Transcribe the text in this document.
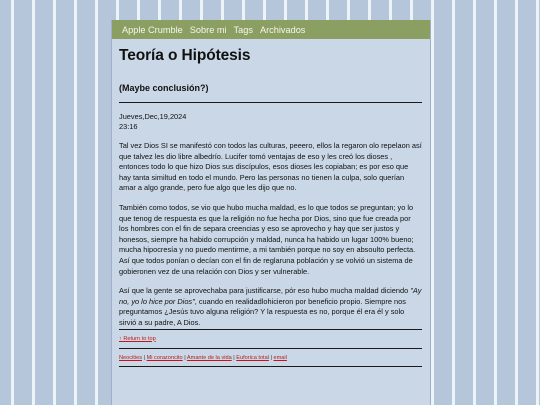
Apple Crumble Sobre mi Tags Archivados
Teoría o Hipótesis
(Maybe conclusión?)
Jueves,Dec,19,2024
23:16

Tal vez Dios SI se manifestó con todos las culturas, peeero, ellos la regaron olo repelaon así que talvez les dio libre albedrío. Lucifer tomó ventajas de eso y les creó los dioses , entonces todo lo que hizo Dios sus discípulos, esos dioses les copiaban; es por eso que hay tanta similtud en todo el mundo. Pero las personas no tienen la culpa, solo querían amar a algo grande, pero fue algo que les dijo que no.

También como todos, se vio que hubo mucha maldad, es lo que todos se preguntan; yo lo que tenog de respuesta es que la religión no fue hecha por Dios, sino que fue creada por los hombres con el fin de separa creencias y eso se aprovecho y hay que ser justos y honesos, siempre ha habido corrupción y maldad, nunca ha habido un lugar 100% bueno; mucha hipocresía y no puedo mentirme, a mi también porque no soy en absoulto perfecta. Así que todos ponían o decían con el fin de reglaruna población y se volvió un sistema de gobieronen vez de una relación con Dios y ser vulnerable.

Así que la gente se aprovechaba para justificarse, pór eso hubo mucha maldad diciendo "Ay no, yo lo hice por Dios", cuando en realidadlohicieron por beneficio propio. Siempre nos preguntamos ¿Jesús tuvo alguna religión? Y la respuesta es no, porque él era él y solo sirvió a su padre, A Dios.

↑ Return to top
Neocities | Mi corazoncito | Amante de la vida | Euforica total | email
